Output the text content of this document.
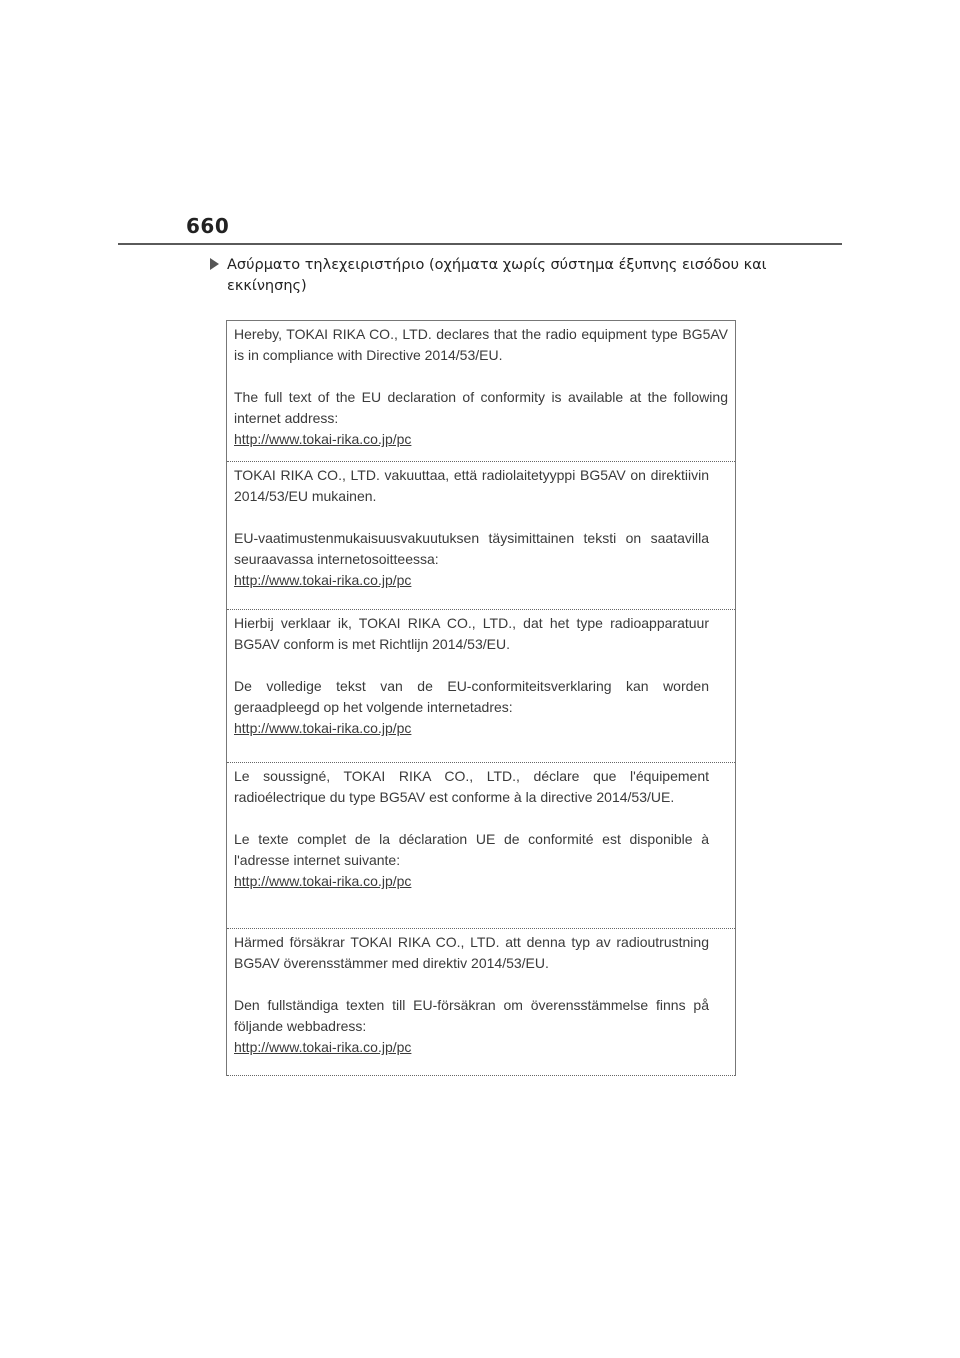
660
Ασύρματο τηλεχειριστήριο (οχήματα χωρίς σύστημα έξυπνης εισόδου και εκκίνησης)

Hereby, TOKAI RIKA CO., LTD. declares that the radio equipment type BG5AV is in compliance with Directive 2014/53/EU.

The full text of the EU declaration of conformity is available at the following internet address:

http://www.tokai-rika.co.jp/pc

TOKAI RIKA CO., LTD. vakuuttaa, että radiolaitetyyppi BG5AV on direktiivin 2014/53/EU mukainen.

EU-vaatimustenmukaisuusvakuutuksen täysimittainen teksti on saatavilla seuraavassa internetosoitteessa:

http://www.tokai-rika.co.jp/pc

Hierbij verklaar ik, TOKAI RIKA CO., LTD., dat het type radioapparatuur BG5AV conform is met Richtlijn 2014/53/EU.

De volledige tekst van de EU-conformiteitsverklaring kan worden geraadpleegd op het volgende internetadres:

http://www.tokai-rika.co.jp/pc

Le soussigné, TOKAI RIKA CO., LTD., déclare que l'équipement radioélectrique du type BG5AV est conforme à la directive 2014/53/UE.

Le texte complet de la déclaration UE de conformité est disponible à l'adresse internet suivante:

http://www.tokai-rika.co.jp/pc

Härmed försäkrar TOKAI RIKA CO., LTD. att denna typ av radioutrustning BG5AV överensstämmer med direktiv 2014/53/EU.

Den fullständiga texten till EU-försäkran om överensstämmelse finns på följande webbadress:

http://www.tokai-rika.co.jp/pc
